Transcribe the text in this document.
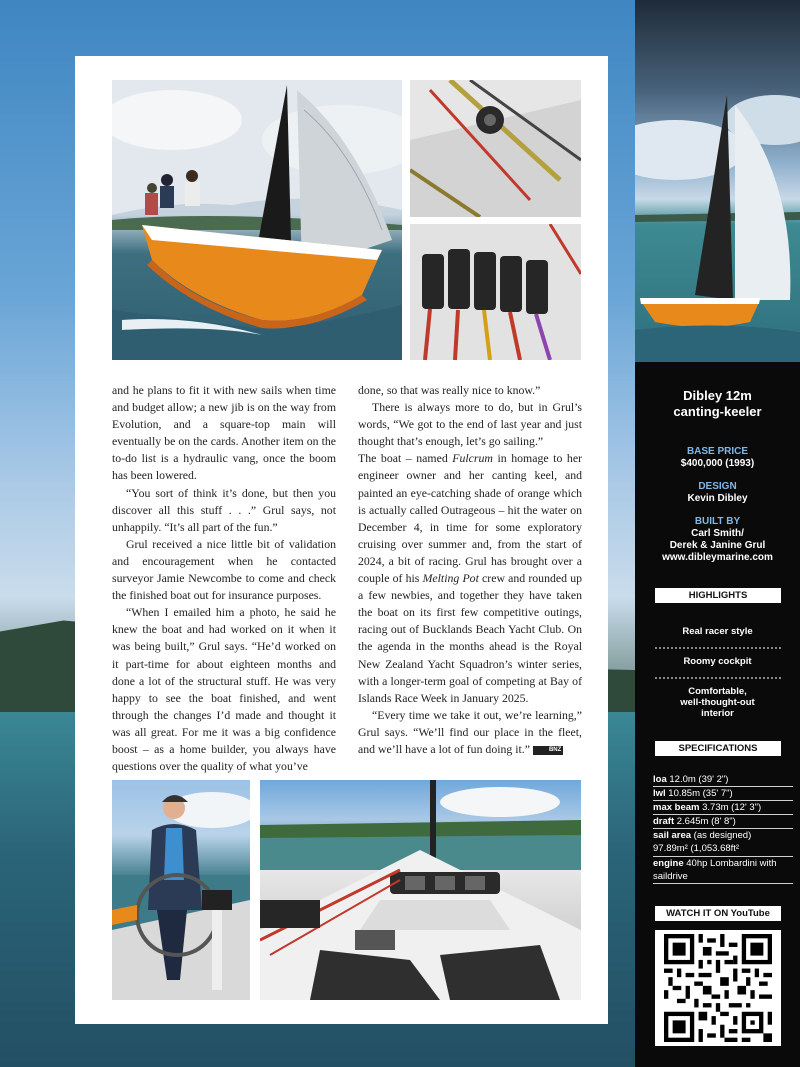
and he plans to fit it with new sails when time and budget allow; a new jib is on the way from Evolution, and a square-top main will eventually be on the cards. Another item on the to-do list is a hydraulic vang, once the boom has been lowered.

“You sort of think it’s done, but then you discover all this stuff . . .” Grul says, not unhappily. “It’s all part of the fun.”

Grul received a nice little bit of validation and encouragement when he contacted surveyor Jamie Newcombe to come and check the finished boat out for insurance purposes.

“When I emailed him a photo, he said he knew the boat and had worked on it when it was being built,” Grul says. “He’d worked on it part-time for about eighteen months and done a lot of the structural stuff. He was very happy to see the boat finished, and went through the changes I’d made and thought it was all great. For me it was a big confidence boost – as a home builder, you always have questions over the quality of what you’ve

done, so that was really nice to know.”

There is always more to do, but in Grul’s words, “We got to the end of last year and just thought that’s enough, let’s go sailing.”

The boat – named Fulcrum in homage to her engineer owner and her canting keel, and painted an eye-catching shade of orange which is actually called Outrageous – hit the water on December 4, in time for some exploratory cruising over summer and, from the start of 2024, a bit of racing. Grul has brought over a couple of his Melting Pot crew and rounded up a few newbies, and together they have taken the boat on its first few competitive outings, racing out of Bucklands Beach Yacht Club. On the agenda in the months ahead is the Royal New Zealand Yacht Squadron’s winter series, with a longer-term goal of competing at Bay of Islands Race Week in January 2025.

“Every time we take it out, we’re learning,” Grul says. “We’ll find our place in the fleet, and we’ll have a lot of fun doing it.”	BNZ

Dibley 12m
canting-keeler
BASE PRICE
$400,000 (1993)
DESIGN
Kevin Dibley
BUILT BY
Carl Smith/
Derek & Janine Grul
www.dibleymarine.com
HIGHLIGHTS
Real racer style
Roomy cockpit
Comfortable,
well-thought-out
interior
SPECIFICATIONS
loa 12.0m (39' 2")
lwl 10.85m (35' 7")
max beam 3.73m (12' 3")
draft 2.645m (8' 8")
sail area (as designed)
97.89m² (1,053.68ft²
engine 40hp Lombardini with
saildrive
WATCH IT ON YouTube
